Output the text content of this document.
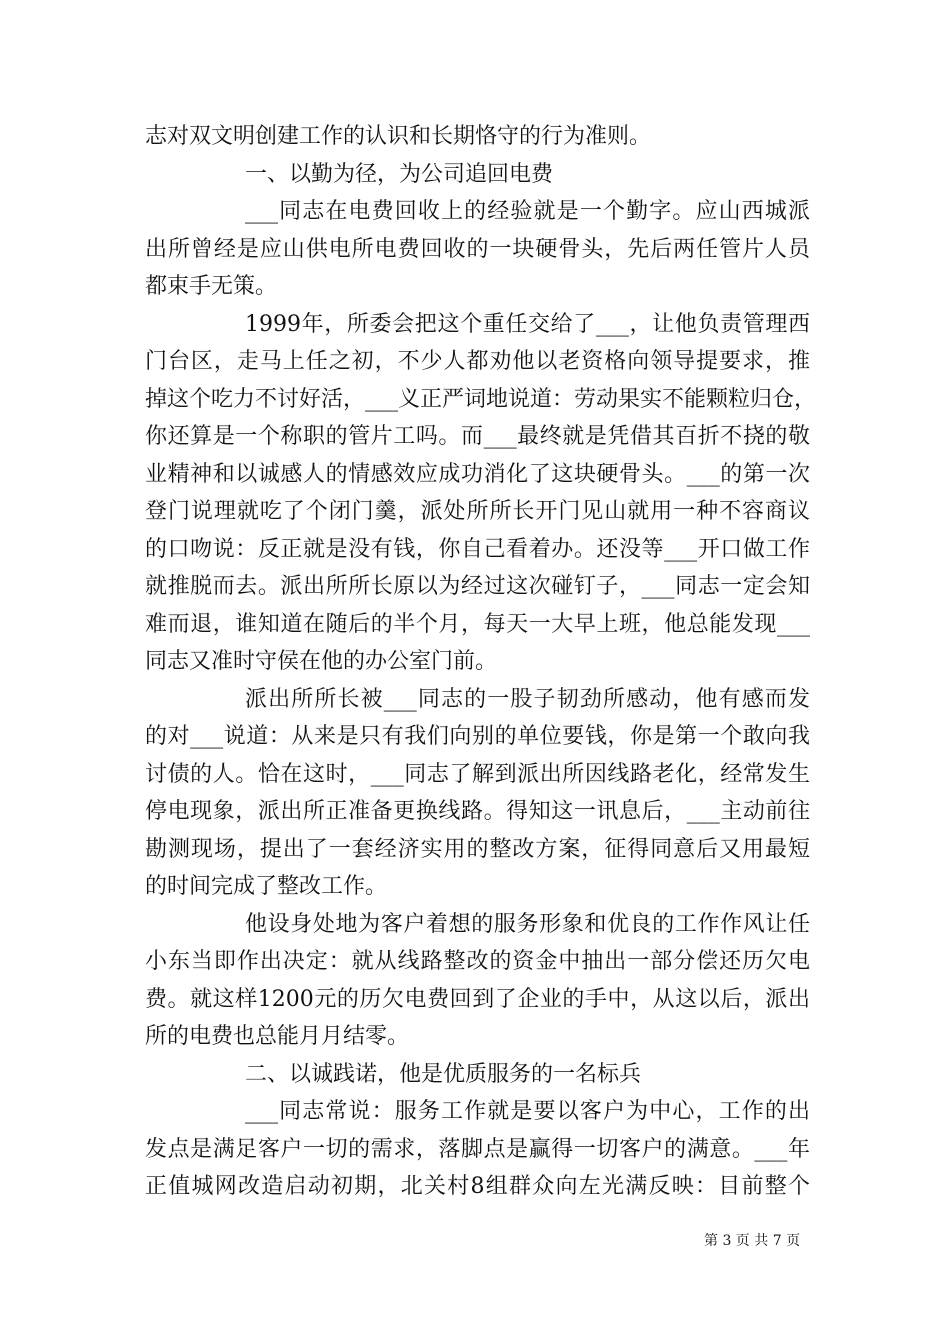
志对双文明创建工作的认识和长期恪守的行为准则。
一、以勤为径，为公司追回电费
___同志在电费回收上的经验就是一个勤字。应山西城派
出所曾经是应山供电所电费回收的一块硬骨头，先后两任管片人员
都束手无策。
1999年，所委会把这个重任交给了___，让他负责管理西
门台区，走马上任之初，不少人都劝他以老资格向领导提要求，推
掉这个吃力不讨好活，___义正严词地说道：劳动果实不能颗粒归仓，
你还算是一个称职的管片工吗。而___最终就是凭借其百折不挠的敬
业精神和以诚感人的情感效应成功消化了这块硬骨头。___的第一次
登门说理就吃了个闭门羹，派处所所长开门见山就用一种不容商议
的口吻说：反正就是没有钱，你自己看着办。还没等___开口做工作
就推脱而去。派出所所长原以为经过这次碰钉子，___同志一定会知
难而退，谁知道在随后的半个月，每天一大早上班，他总能发现___
同志又准时守侯在他的办公室门前。
派出所所长被___同志的一股子韧劲所感动，他有感而发
的对___说道：从来是只有我们向别的单位要钱，你是第一个敢向我
讨债的人。恰在这时，___同志了解到派出所因线路老化，经常发生
停电现象，派出所正准备更换线路。得知这一讯息后，___主动前往
勘测现场，提出了一套经济实用的整改方案，征得同意后又用最短
的时间完成了整改工作。
他设身处地为客户着想的服务形象和优良的工作作风让任
小东当即作出决定：就从线路整改的资金中抽出一部分偿还历欠电
费。就这样1200元的历欠电费回到了企业的手中，从这以后，派出
所的电费也总能月月结零。
二、以诚践诺，他是优质服务的一名标兵
___同志常说：服务工作就是要以客户为中心，工作的出
发点是满足客户一切的需求，落脚点是赢得一切客户的满意。___年
正值城网改造启动初期，北关村8组群众向左光满反映：目前整个
第 3 页 共 7 页
